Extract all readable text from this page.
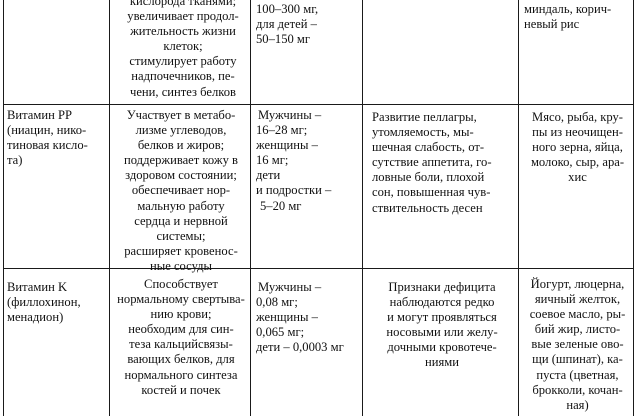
кислорода тканями;
увеличивает продол-
жительность жизни
клеток;
стимулирует работу
надпочечников, пе-
чени, синтез белков
100–300 мг,
для детей –
50–150 мг
миндаль, корич-
невый рис
Витамин PP
(ниацин, нико-
тиновая кисло-
та)
Участвует в метабо-
лизме углеводов,
белков и жиров;
поддерживает кожу в
здоровом состоянии;
обеспечивает нор-
мальную работу
сердца и нервной
системы;
расширяет кровенос-
ные сосуды
Мужчины –
16–28 мг;
женщины –
16 мг;
дети
и подростки –
5–20 мг
Развитие пеллагры,
утомляемость, мы-
шечная слабость, от-
сутствие аппетита, го-
ловные боли, плохой
сон, повышенная чув-
ствительность десен
Мясо, рыба, кру-
пы из неочищен-
ного зерна, яйца,
молоко, сыр, ара-
хис
Витамин K
(филлохинон,
менадион)
Способствует
нормальному свертыва-
нию крови;
необходим для син-
теза кальцийсвязы-
вающих белков, для
нормального синтеза
костей и почек
Мужчины –
0,08 мг;
женщины –
0,065 мг;
дети – 0,0003 мг
Признаки дефицита
наблюдаются редко
и могут проявляться
носовыми или желу-
дочными кровотече-
ниями
Йогурт, люцерна,
яичный желток,
соевое масло, ры-
бий жир, листо-
вые зеленые ово-
щи (шпинат), ка-
пуста (цветная,
брокколи, кочан-
ная)
